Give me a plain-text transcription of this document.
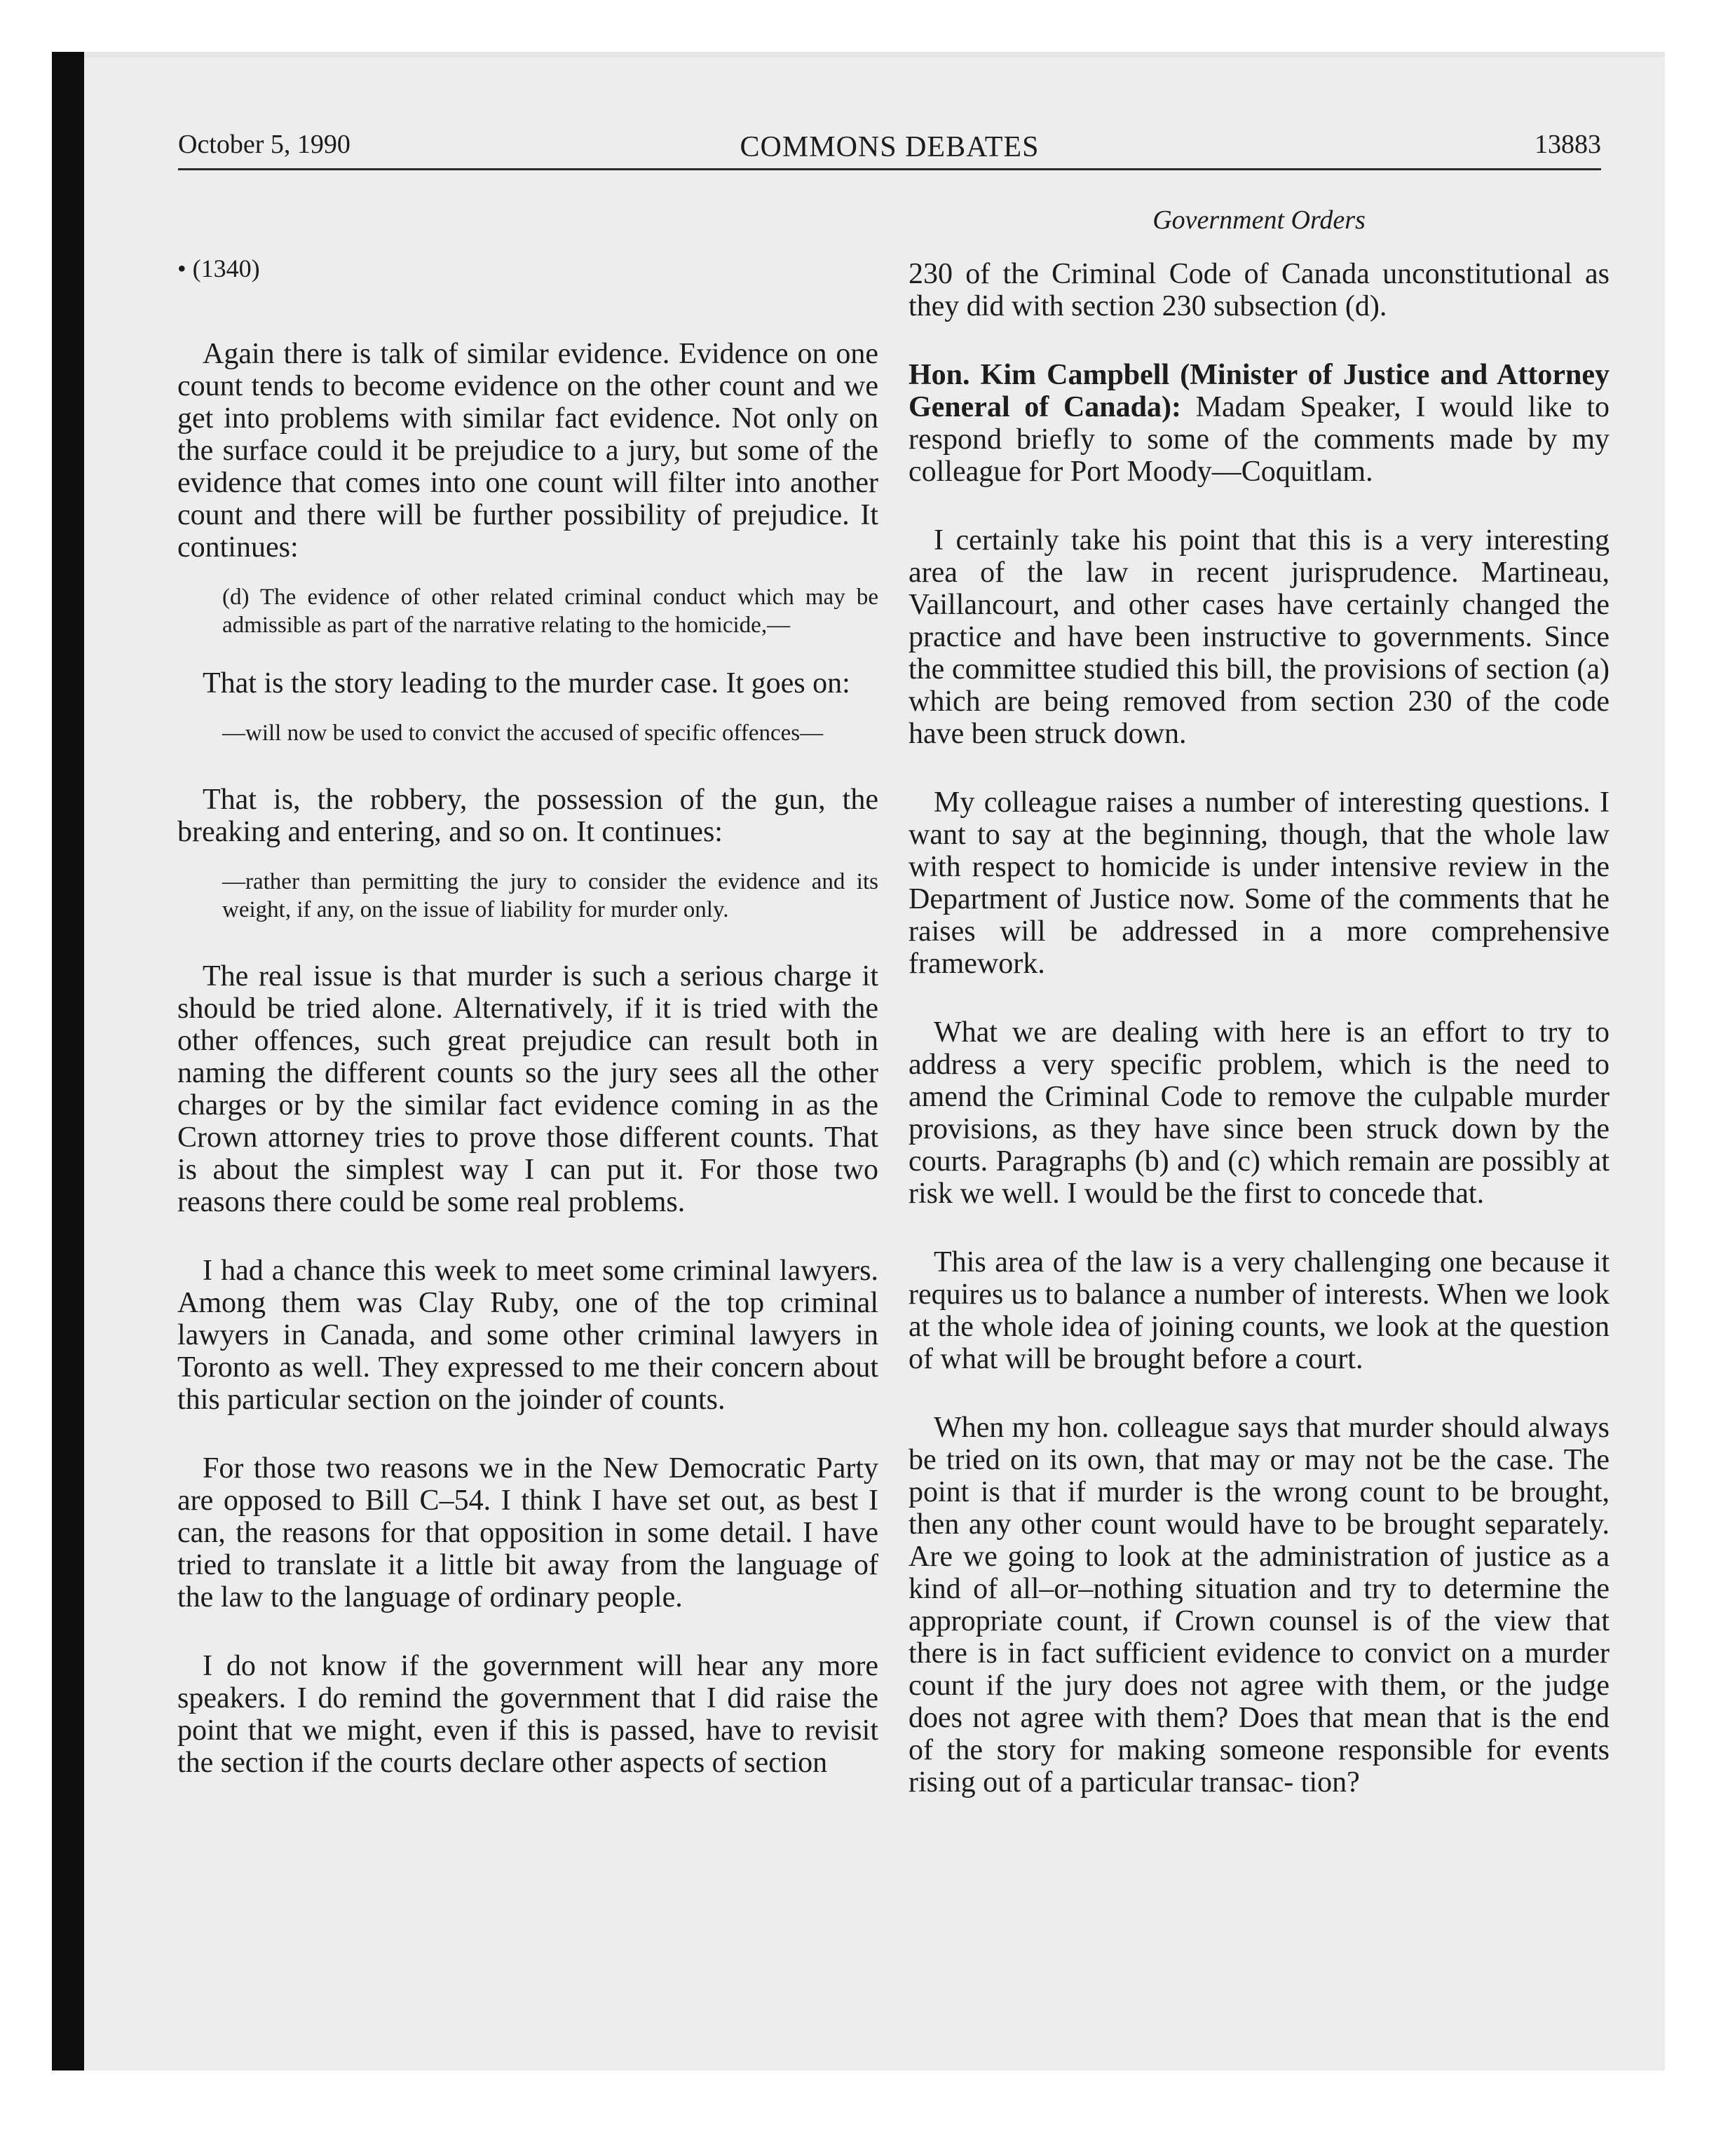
October 5, 1990	COMMONS DEBATES	13883
Government Orders
• (1340)

Again there is talk of similar evidence. Evidence on one count tends to become evidence on the other count and we get into problems with similar fact evidence. Not only on the surface could it be prejudice to a jury, but some of the evidence that comes into one count will filter into another count and there will be further possibility of prejudice. It continues:

(d) The evidence of other related criminal conduct which may be admissible as part of the narrative relating to the homicide,—

That is the story leading to the murder case. It goes on:

—will now be used to convict the accused of specific offences—

That is, the robbery, the possession of the gun, the breaking and entering, and so on. It continues:

—rather than permitting the jury to consider the evidence and its weight, if any, on the issue of liability for murder only.

The real issue is that murder is such a serious charge it should be tried alone. Alternatively, if it is tried with the other offences, such great prejudice can result both in naming the different counts so the jury sees all the other charges or by the similar fact evidence coming in as the Crown attorney tries to prove those different counts. That is about the simplest way I can put it. For those two reasons there could be some real problems.

I had a chance this week to meet some criminal lawyers. Among them was Clay Ruby, one of the top criminal lawyers in Canada, and some other criminal lawyers in Toronto as well. They expressed to me their concern about this particular section on the joinder of counts.

For those two reasons we in the New Democratic Party are opposed to Bill C–54. I think I have set out, as best I can, the reasons for that opposition in some detail. I have tried to translate it a little bit away from the language of the law to the language of ordinary people.

I do not know if the government will hear any more speakers. I do remind the government that I did raise the point that we might, even if this is passed, have to revisit the section if the courts declare other aspects of section

230 of the Criminal Code of Canada unconstitutional as they did with section 230 subsection (d).

Hon. Kim Campbell (Minister of Justice and Attorney General of Canada): Madam Speaker, I would like to respond briefly to some of the comments made by my colleague for Port Moody—Coquitlam.

I certainly take his point that this is a very interesting area of the law in recent jurisprudence. Martineau, Vaillancourt, and other cases have certainly changed the practice and have been instructive to governments. Since the committee studied this bill, the provisions of section (a) which are being removed from section 230 of the code have been struck down.

My colleague raises a number of interesting questions. I want to say at the beginning, though, that the whole law with respect to homicide is under intensive review in the Department of Justice now. Some of the comments that he raises will be addressed in a more comprehensive framework.

What we are dealing with here is an effort to try to address a very specific problem, which is the need to amend the Criminal Code to remove the culpable murder provisions, as they have since been struck down by the courts. Paragraphs (b) and (c) which remain are possibly at risk we well. I would be the first to concede that.

This area of the law is a very challenging one because it requires us to balance a number of interests. When we look at the whole idea of joining counts, we look at the question of what will be brought before a court.

When my hon. colleague says that murder should always be tried on its own, that may or may not be the case. The point is that if murder is the wrong count to be brought, then any other count would have to be brought separately. Are we going to look at the administration of justice as a kind of all–or–nothing situation and try to determine the appropriate count, if Crown counsel is of the view that there is in fact sufficient evidence to convict on a murder count if the jury does not agree with them, or the judge does not agree with them? Does that mean that is the end of the story for making someone responsible for events rising out of a particular transac- tion?
